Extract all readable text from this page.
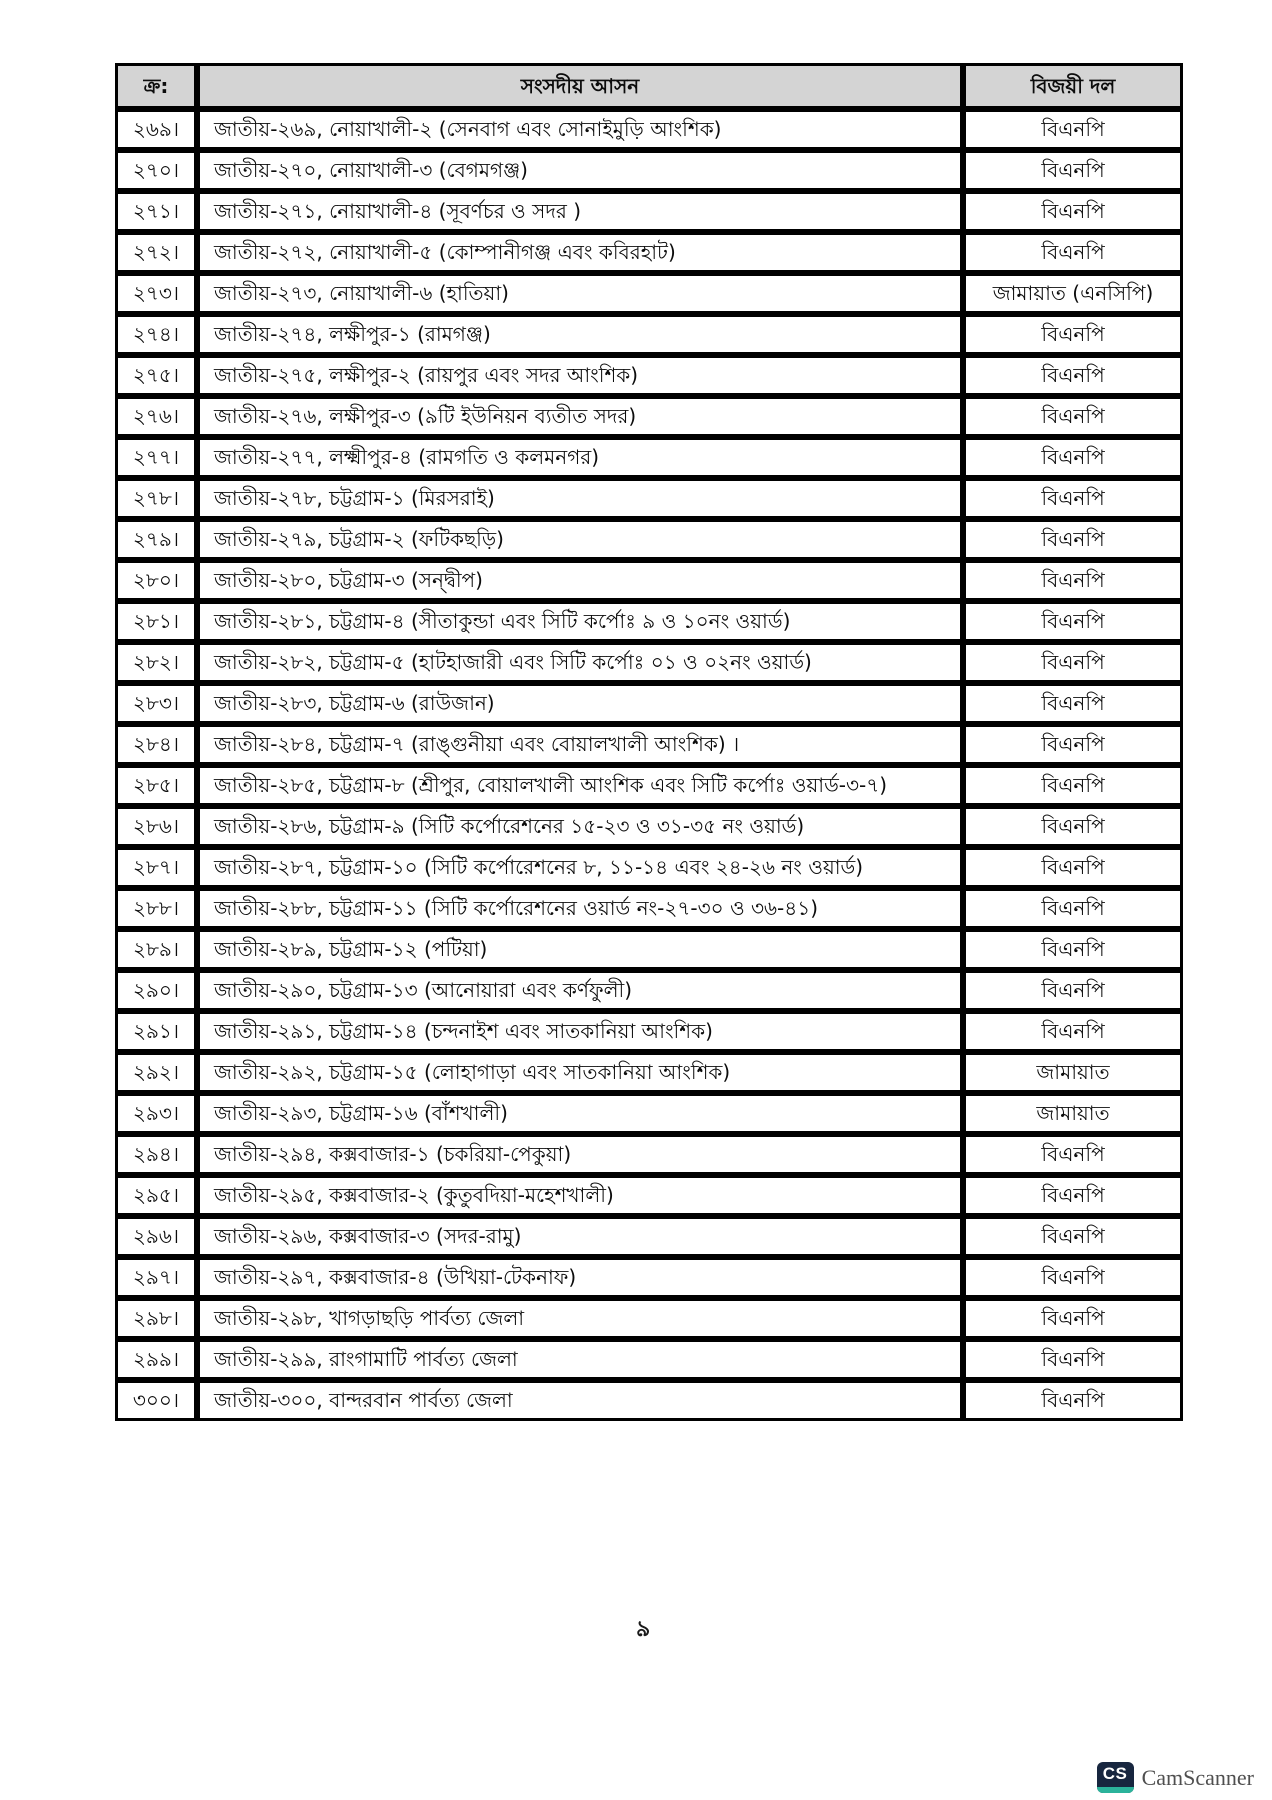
ক্র:	সংসদীয় আসন	বিজয়ী দল
২৬৯।	জাতীয়-২৬৯, নোয়াখালী-২ (সেনবাগ এবং সোনাইমুড়ি আংশিক)	বিএনপি
২৭০।	জাতীয়-২৭০, নোয়াখালী-৩ (বেগমগঞ্জ)	বিএনপি
২৭১।	জাতীয়-২৭১, নোয়াখালী-৪ (সূবর্ণচর ও সদর )	বিএনপি
২৭২।	জাতীয়-২৭২, নোয়াখালী-৫ (কোম্পানীগঞ্জ এবং কবিরহাট)	বিএনপি
২৭৩।	জাতীয়-২৭৩, নোয়াখালী-৬ (হাতিয়া)	জামায়াত (এনসিপি)
২৭৪।	জাতীয়-২৭৪, লক্ষীপুর-১ (রামগঞ্জ)	বিএনপি
২৭৫।	জাতীয়-২৭৫, লক্ষীপুর-২ (রায়পুর এবং সদর আংশিক)	বিএনপি
২৭৬।	জাতীয়-২৭৬, লক্ষীপুর-৩ (৯টি ইউনিয়ন ব্যতীত সদর)	বিএনপি
২৭৭।	জাতীয়-২৭৭, লক্ষ্মীপুর-৪ (রামগতি ও কলমনগর)	বিএনপি
২৭৮।	জাতীয়-২৭৮, চট্টগ্রাম-১ (মিরসরাই)	বিএনপি
২৭৯।	জাতীয়-২৭৯, চট্টগ্রাম-২ (ফটিকছড়ি)	বিএনপি
২৮০।	জাতীয়-২৮০, চট্টগ্রাম-৩ (সন্দ্বীপ)	বিএনপি
২৮১।	জাতীয়-২৮১, চট্টগ্রাম-৪ (সীতাকুন্ডা এবং সিটি কর্পোঃ ৯ ও ১০নং ওয়ার্ড)	বিএনপি
২৮২।	জাতীয়-২৮২, চট্টগ্রাম-৫ (হাটহাজারী এবং সিটি কর্পোঃ ০১ ও ০২নং ওয়ার্ড)	বিএনপি
২৮৩।	জাতীয়-২৮৩, চট্টগ্রাম-৬ (রাউজান)	বিএনপি
২৮৪।	জাতীয়-২৮৪, চট্টগ্রাম-৭ (রাঙ্গুনীয়া এবং বোয়ালখালী আংশিক) ।	বিএনপি
২৮৫।	জাতীয়-২৮৫, চট্টগ্রাম-৮ (শ্রীপুর, বোয়ালখালী আংশিক এবং সিটি কর্পোঃ ওয়ার্ড-৩-৭)	বিএনপি
২৮৬।	জাতীয়-২৮৬, চট্টগ্রাম-৯ (সিটি কর্পোরেশনের ১৫-২৩ ও ৩১-৩৫ নং ওয়ার্ড)	বিএনপি
২৮৭।	জাতীয়-২৮৭, চট্টগ্রাম-১০ (সিটি কর্পোরেশনের ৮, ১১-১৪ এবং ২৪-২৬ নং ওয়ার্ড)	বিএনপি
২৮৮।	জাতীয়-২৮৮, চট্টগ্রাম-১১ (সিটি কর্পোরেশনের ওয়ার্ড নং-২৭-৩০ ও ৩৬-৪১)	বিএনপি
২৮৯।	জাতীয়-২৮৯, চট্টগ্রাম-১২ (পটিয়া)	বিএনপি
২৯০।	জাতীয়-২৯০, চট্টগ্রাম-১৩ (আনোয়ারা এবং কর্ণফুলী)	বিএনপি
২৯১।	জাতীয়-২৯১, চট্টগ্রাম-১৪ (চন্দনাইশ এবং সাতকানিয়া আংশিক)	বিএনপি
২৯২।	জাতীয়-২৯২, চট্টগ্রাম-১৫ (লোহাগাড়া এবং সাতকানিয়া আংশিক)	জামায়াত
২৯৩।	জাতীয়-২৯৩, চট্টগ্রাম-১৬ (বাঁশখালী)	জামায়াত
২৯৪।	জাতীয়-২৯৪, কক্সবাজার-১ (চকরিয়া-পেকুয়া)	বিএনপি
২৯৫।	জাতীয়-২৯৫, কক্সবাজার-২ (কুতুবদিয়া-মহেশখালী)	বিএনপি
২৯৬।	জাতীয়-২৯৬, কক্সবাজার-৩ (সদর-রামু)	বিএনপি
২৯৭।	জাতীয়-২৯৭, কক্সবাজার-৪ (উখিয়া-টেকনাফ)	বিএনপি
২৯৮।	জাতীয়-২৯৮, খাগড়াছড়ি পার্বত্য জেলা	বিএনপি
২৯৯।	জাতীয়-২৯৯, রাংগামাটি পার্বত্য জেলা	বিএনপি
৩০০।	জাতীয়-৩০০, বান্দরবান পার্বত্য জেলা	বিএনপি
৯
CS CamScanner
